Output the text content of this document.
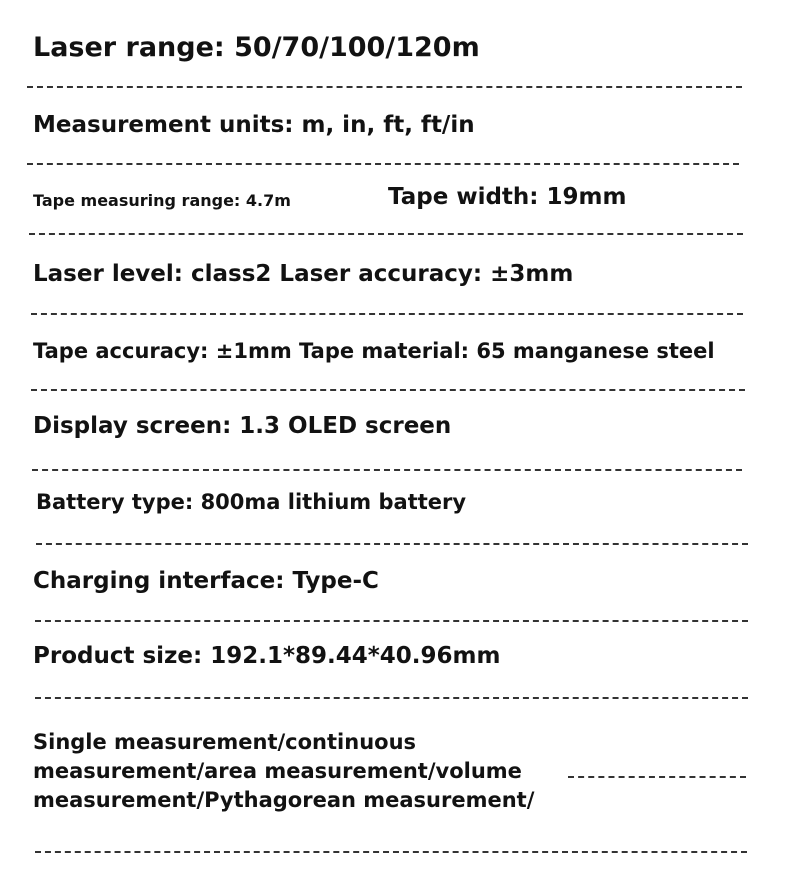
Laser range: 50/70/100/120m
Measurement units: m, in, ft, ft/in
Tape measuring range: 4.7m	Tape width: 19mm
Laser level: class2 Laser accuracy: ±3mm
Tape accuracy: ±1mm Tape material: 65 manganese steel
Display screen: 1.3 OLED screen
Battery type: 800ma lithium battery
Charging interface: Type-C
Product size: 192.1*89.44*40.96mm
Single measurement/continuous
measurement/area measurement/volume
measurement/Pythagorean measurement/
